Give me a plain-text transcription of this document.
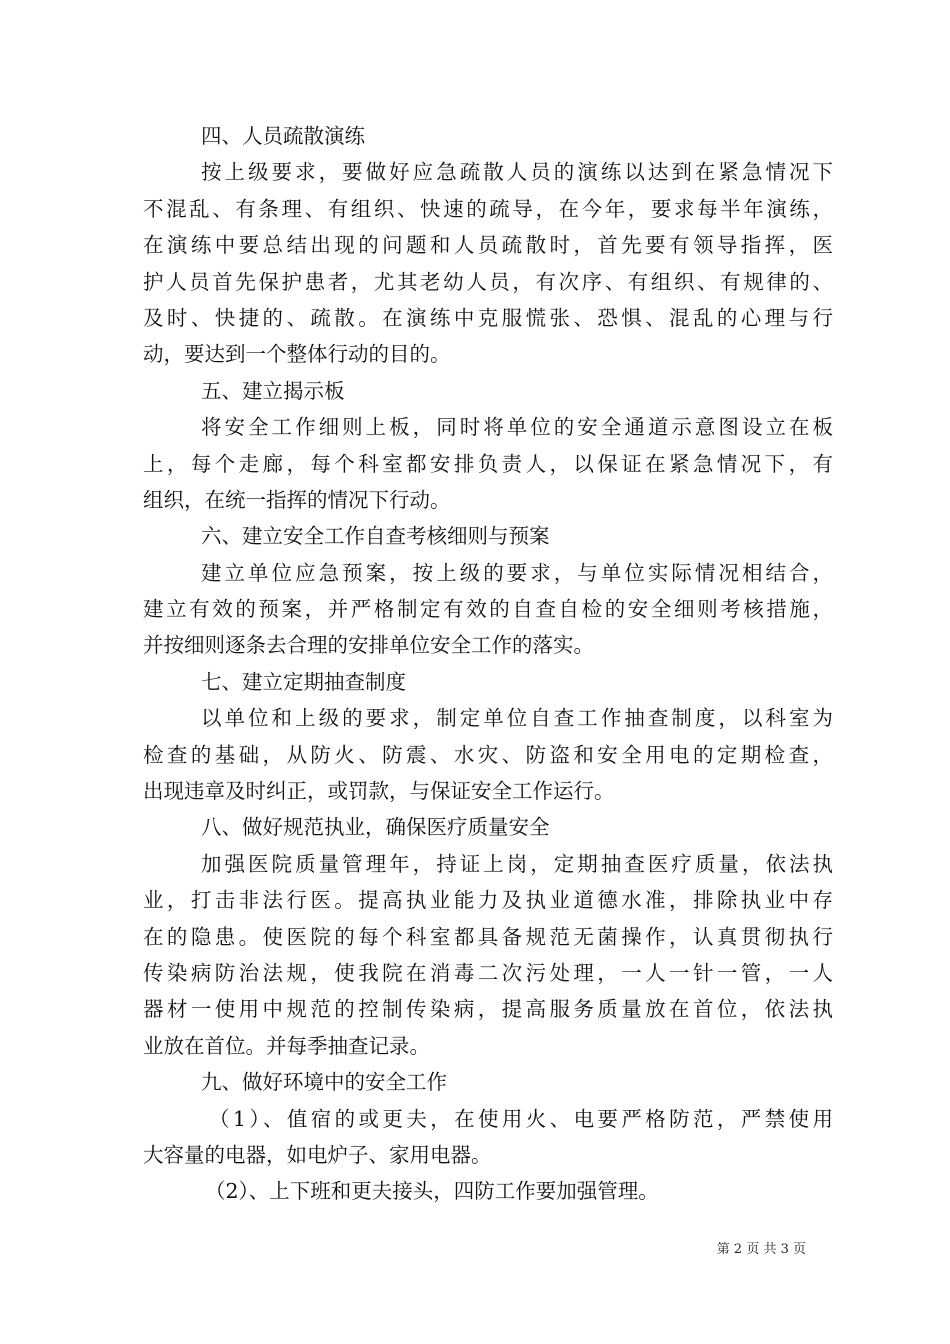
四、人员疏散演练
按上级要求，要做好应急疏散人员的演练以达到在紧急情况下
不混乱、有条理、有组织、快速的疏导，在今年，要求每半年演练，
在演练中要总结出现的问题和人员疏散时，首先要有领导指挥，医
护人员首先保护患者，尤其老幼人员，有次序、有组织、有规律的、
及时、快捷的、疏散。在演练中克服慌张、恐惧、混乱的心理与行
动，要达到一个整体行动的目的。
五、建立揭示板
将安全工作细则上板，同时将单位的安全通道示意图设立在板
上，每个走廊，每个科室都安排负责人，以保证在紧急情况下，有
组织，在统一指挥的情况下行动。
六、建立安全工作自查考核细则与预案
建立单位应急预案，按上级的要求，与单位实际情况相结合，
建立有效的预案，并严格制定有效的自查自检的安全细则考核措施，
并按细则逐条去合理的安排单位安全工作的落实。
七、建立定期抽查制度
以单位和上级的要求，制定单位自查工作抽查制度，以科室为
检查的基础，从防火、防震、水灾、防盗和安全用电的定期检查，
出现违章及时纠正，或罚款，与保证安全工作运行。
八、做好规范执业，确保医疗质量安全
加强医院质量管理年，持证上岗，定期抽查医疗质量，依法执
业，打击非法行医。提高执业能力及执业道德水准，排除执业中存
在的隐患。使医院的每个科室都具备规范无菌操作，认真贯彻执行
传染病防治法规，使我院在消毒二次污处理，一人一针一管，一人
器材一使用中规范的控制传染病，提高服务质量放在首位，依法执
业放在首位。并每季抽查记录。
九、做好环境中的安全工作
（1）、值宿的或更夫，在使用火、电要严格防范，严禁使用
大容量的电器，如电炉子、家用电器。
（2）、上下班和更夫接头，四防工作要加强管理。
第 2 页 共 3 页
